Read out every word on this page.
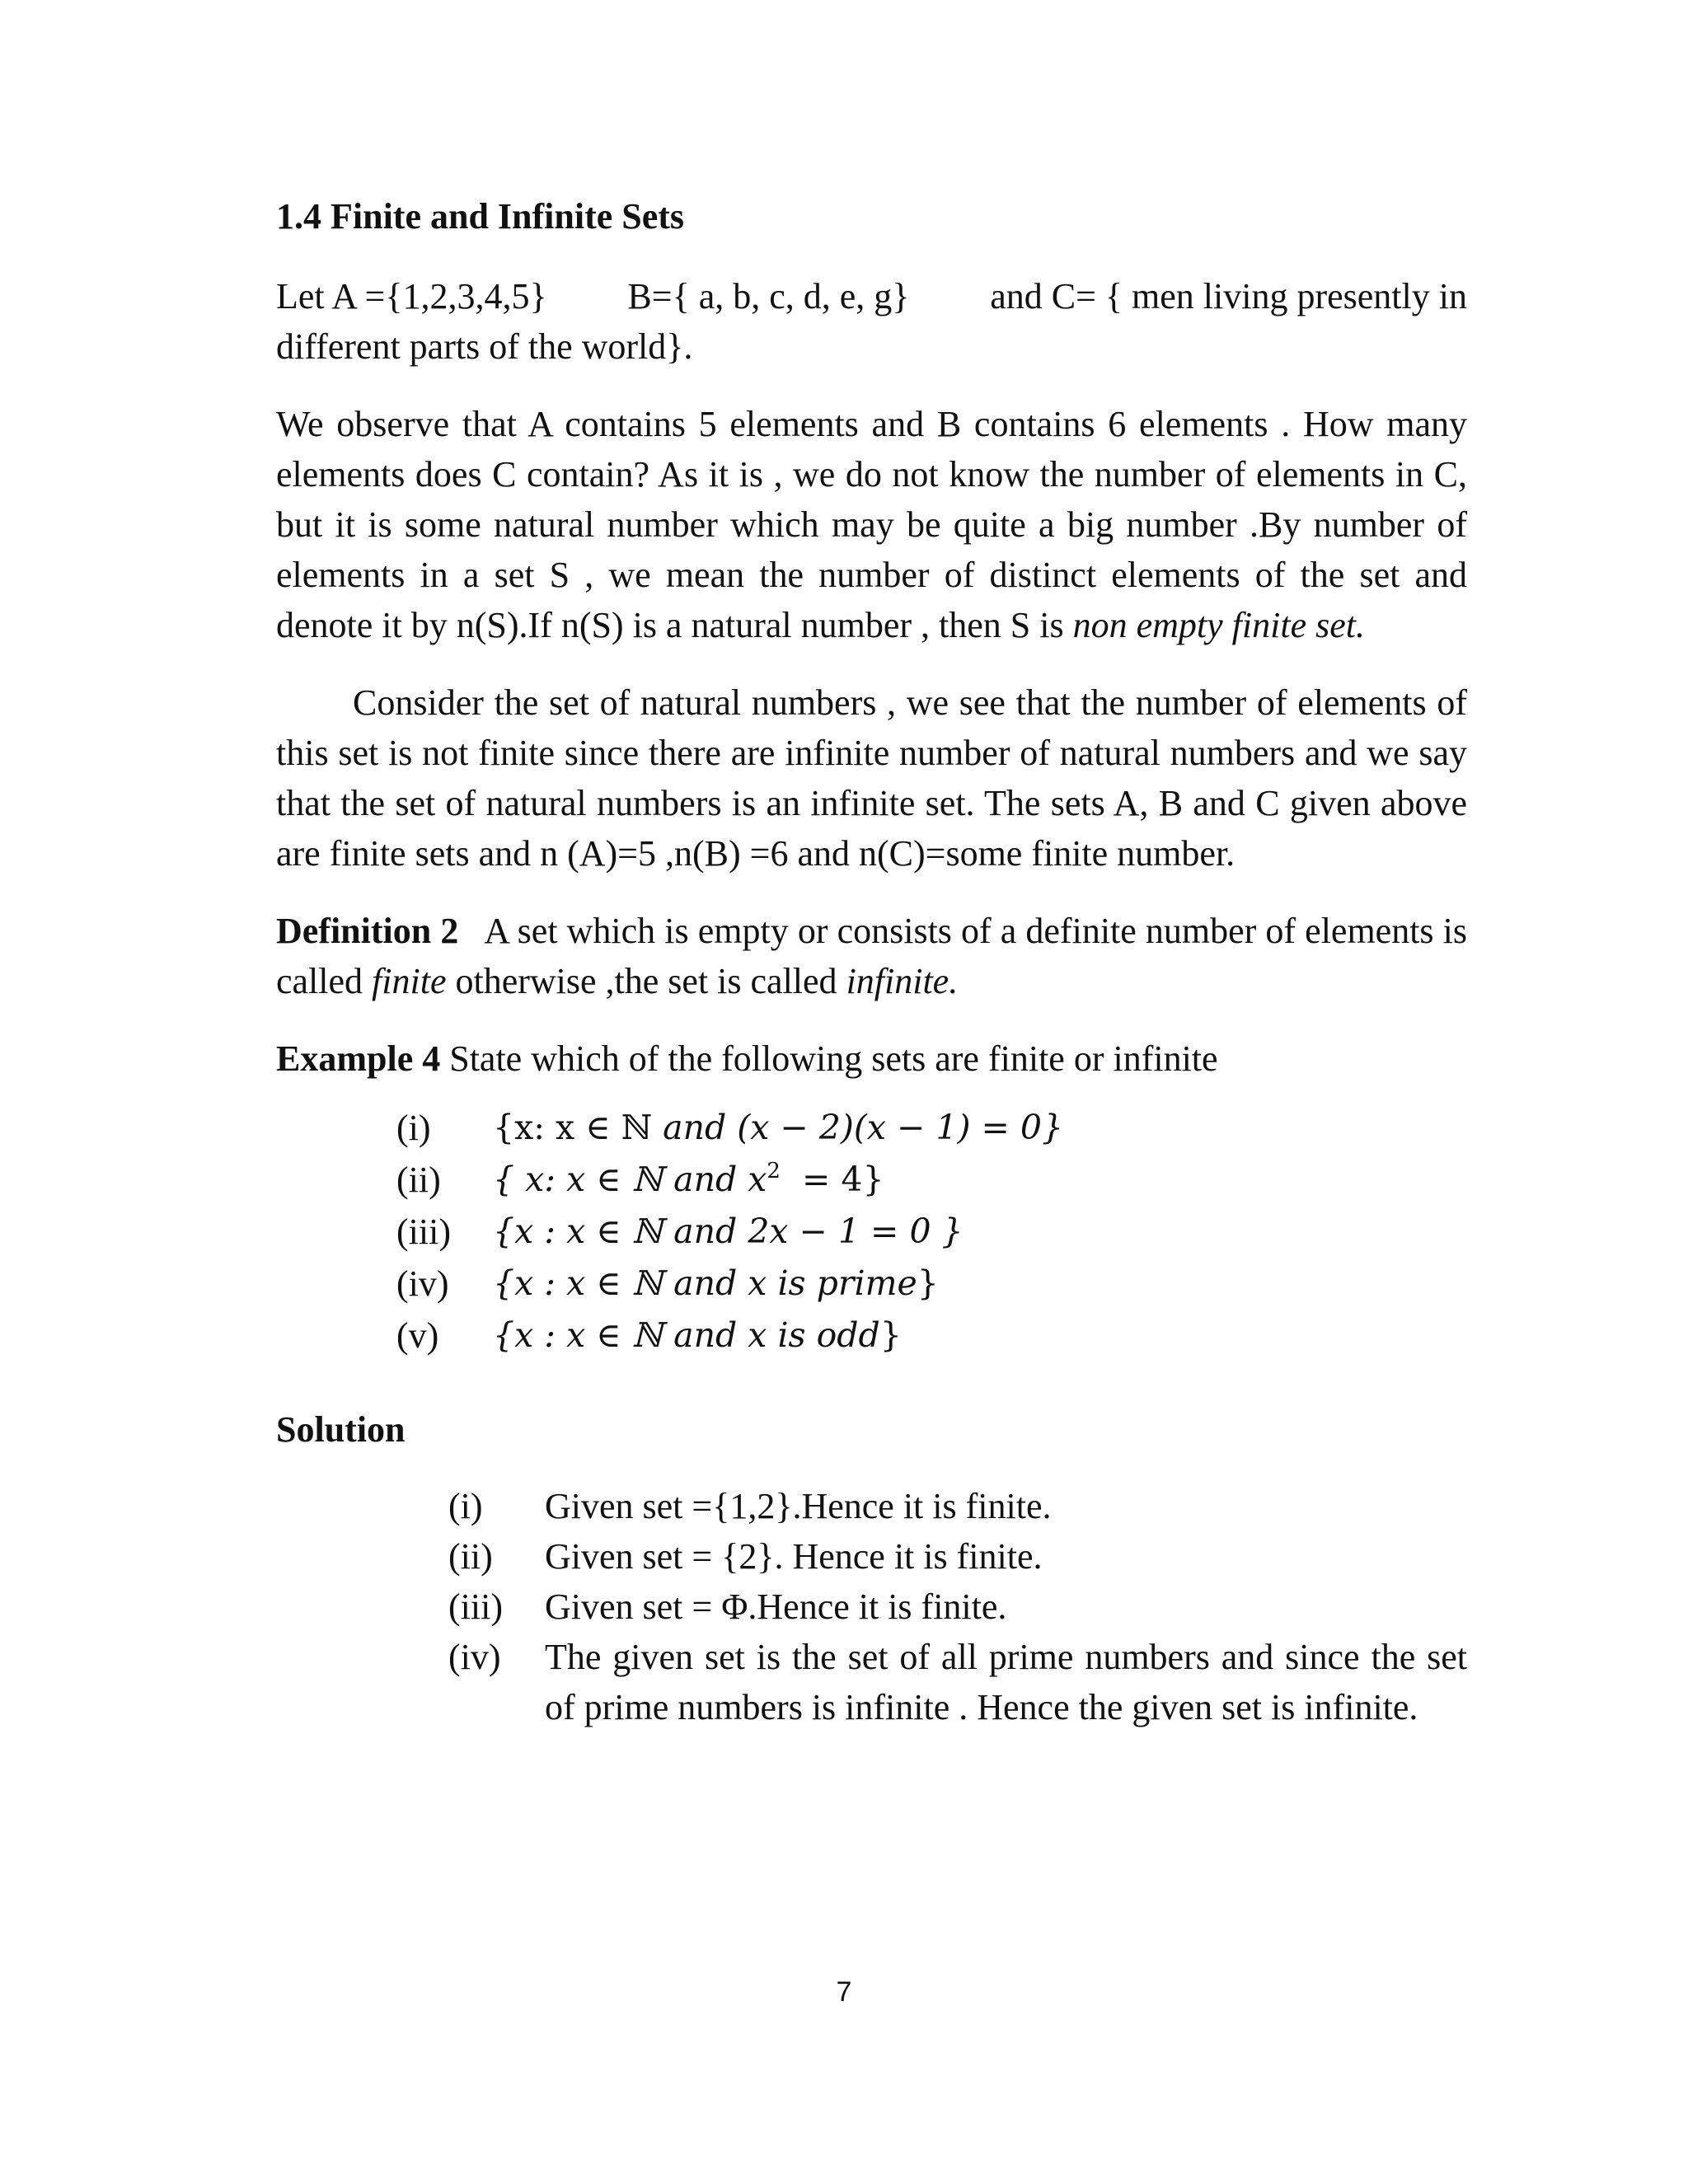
1.4 Finite and Infinite Sets
Let A ={1,2,3,4,5} B={ a, b, c, d, e, g} and C= { men living presently in
different parts of the world}.

We observe that A contains 5 elements and B contains 6 elements . How many elements does C contain? As it is , we do not know the number of elements in C, but it is some natural number which may be quite a big number .By number of elements in a set S , we mean the number of distinct elements of the set and denote it by n(S).If n(S) is a natural number , then S is non empty finite set.

Consider the set of natural numbers , we see that the number of elements of this set is not finite since there are infinite number of natural numbers and we say that the set of natural numbers is an infinite set. The sets A, B and C given above are finite sets and n (A)=5 ,n(B) =6 and n(C)=some finite number.

Definition 2 A set which is empty or consists of a definite number of elements is called finite otherwise ,the set is called infinite.

Example 4 State which of the following sets are finite or infinite

(i)	{x: x ∈ ℕ and (x − 2)(x − 1) = 0}
(ii)	{ x: x ∈ ℕ and $x^2 = 4$}
(iii)	{x : x ∈ ℕ and 2x − 1 = 0 }
(iv)	{x : x ∈ ℕ and x is prime}
(v)	{x : x ∈ ℕ and x is odd}
Solution
(i)	Given set ={1,2}.Hence it is finite.
(ii)	Given set = {2}. Hence it is finite.
(iii)	Given set = Φ.Hence it is finite.
(iv)	The given set is the set of all prime numbers and since the set of prime numbers is infinite . Hence the given set is infinite.
7
